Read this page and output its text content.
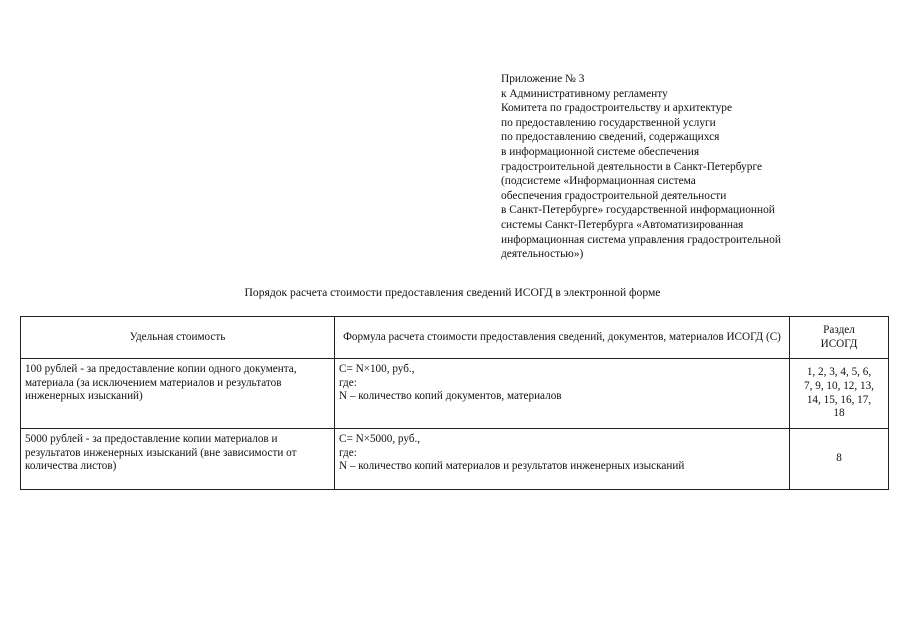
Приложение № 3
к Административному регламенту
Комитета по градостроительству и архитектуре
по предоставлению государственной услуги
по предоставлению сведений, содержащихся
в информационной системе обеспечения
градостроительной деятельности в Санкт-Петербурге
(подсистеме «Информационная система
обеспечения градостроительной деятельности
в Санкт-Петербурге» государственной информационной
системы Санкт-Петербурга «Автоматизированная
информационная система управления градостроительной
деятельностью»)
Порядок расчета стоимости предоставления сведений ИСОГД в электронной форме
Удельная стоимость	Формула расчета стоимости предоставления сведений, документов, материалов ИСОГД (С)	Раздел
ИСОГД

100 рублей - за предоставление копии одного документа, материала (за исключением материалов и результатов инженерных изысканий)	С= N×100, руб.,
где:
N – количество копий документов, материалов	1, 2, 3, 4, 5, 6,
7, 9, 10, 12, 13,
14, 15, 16, 17,
18

5000 рублей - за предоставление копии материалов и результатов инженерных изысканий (вне зависимости от количества листов)	С= N×5000, руб.,
где:
N – количество копий материалов и результатов инженерных изысканий	8
